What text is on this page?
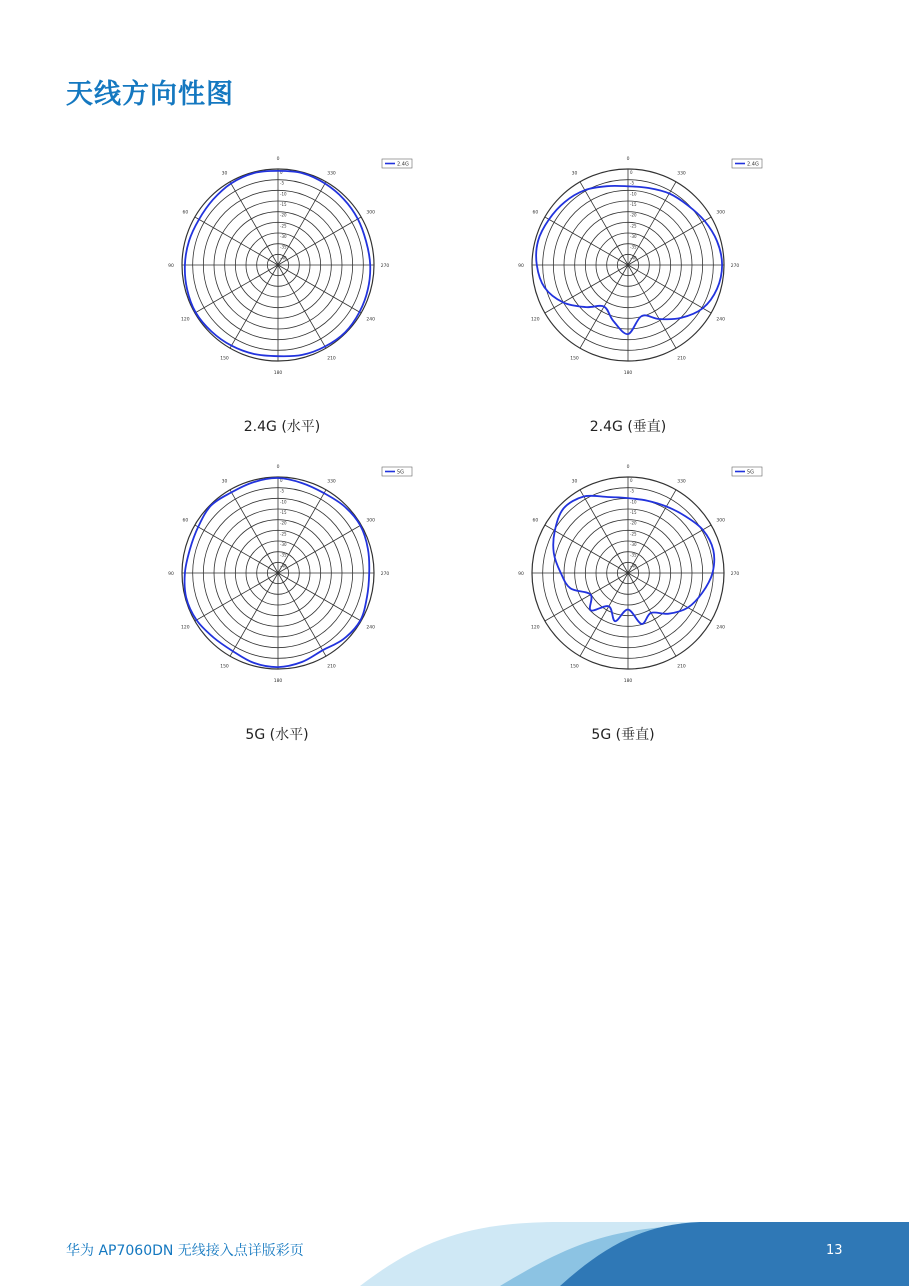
天线方向性图
0
30
60
90
120
150
180
210
240
270
300
330
0
-5
-10
-15
-20
-25
-30
-35
-40
2.4G
2.4G (水平)
0
30
60
90
120
150
180
210
240
270
300
330
0
-5
-10
-15
-20
-25
-30
-35
-40
2.4G
2.4G (垂直)
0
30
60
90
120
150
180
210
240
270
300
330
0
-5
-10
-15
-20
-25
-30
-35
-40
5G
5G (水平)
0
30
60
90
120
150
180
210
240
270
300
330
0
-5
-10
-15
-20
-25
-30
-35
-40
5G
5G (垂直)
华为 AP7060DN 无线接入点详版彩页	13
